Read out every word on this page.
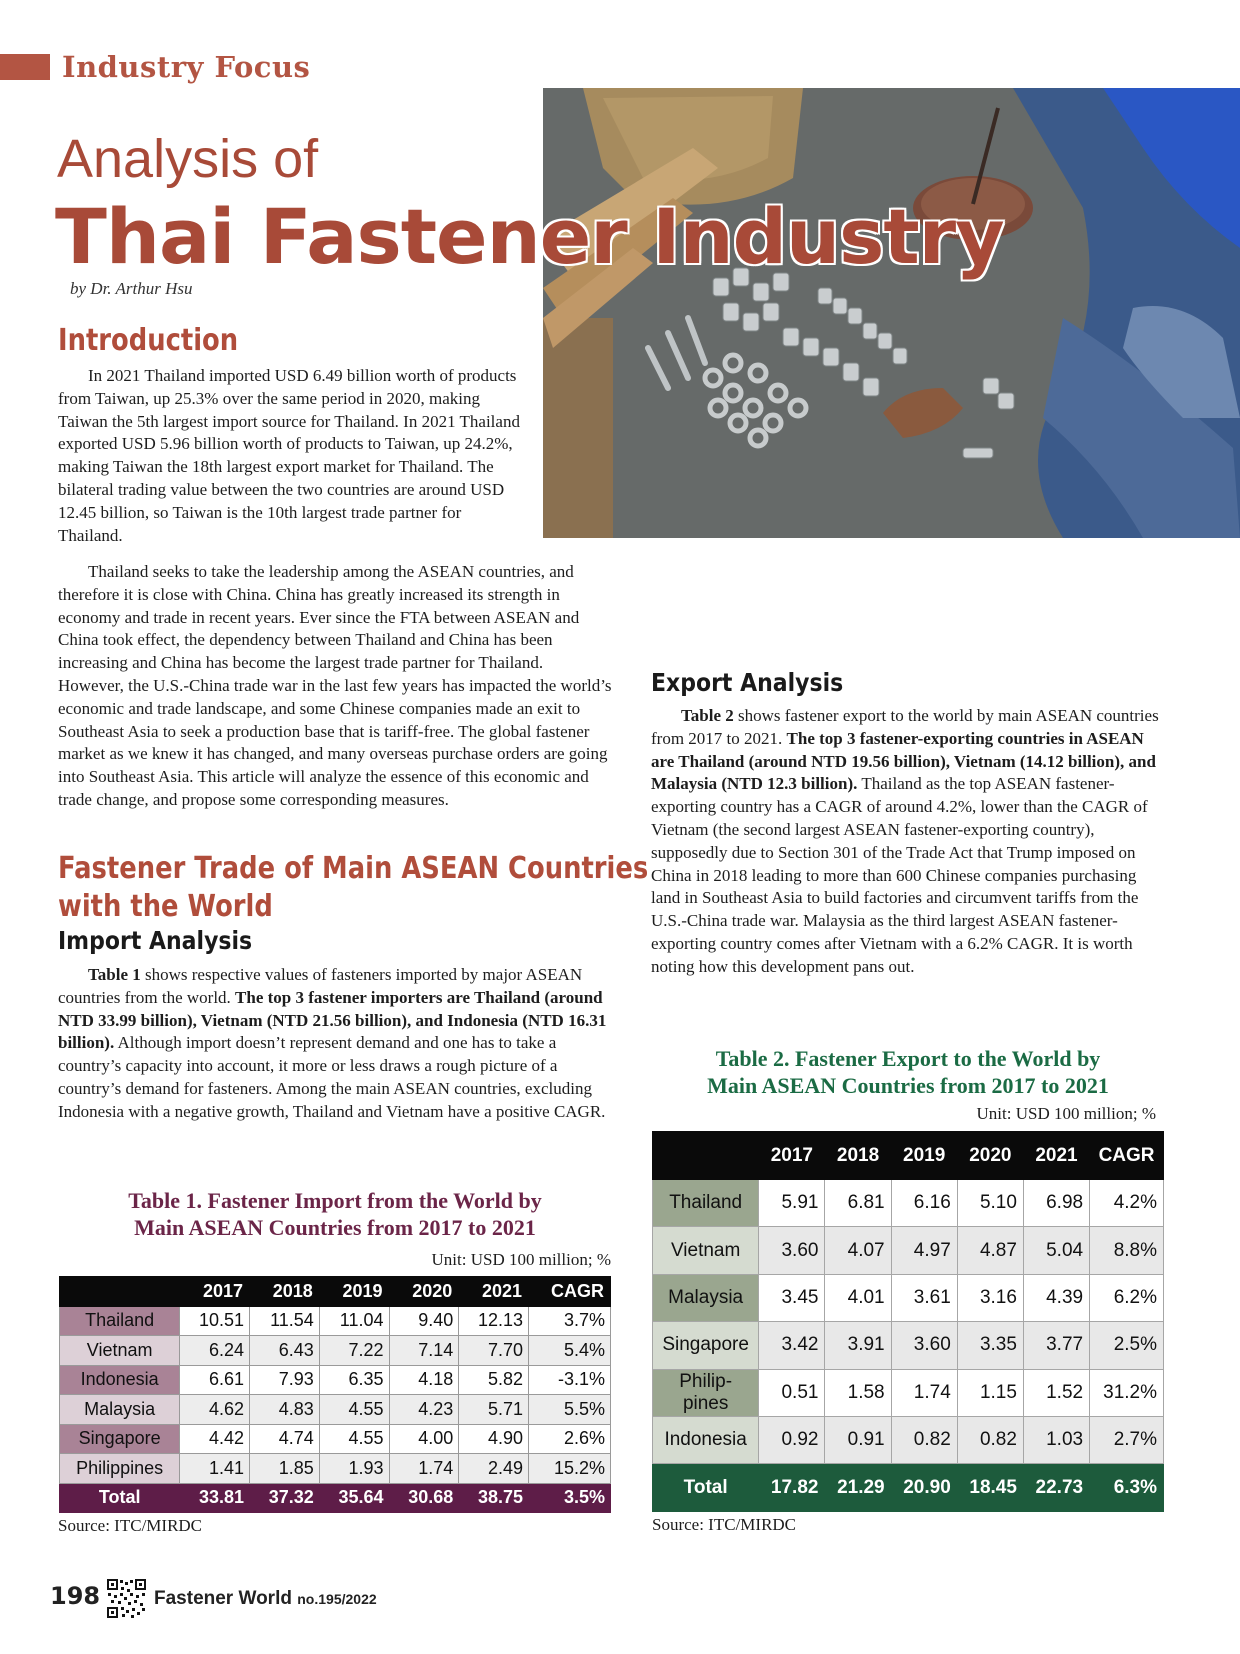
Industry Focus
Analysis of
Thai Fastener Industry
by Dr. Arthur Hsu
Introduction

In 2021 Thailand imported USD 6.49 billion worth of products from Taiwan, up 25.3% over the same period in 2020, making Taiwan the 5th largest import source for Thailand. In 2021 Thailand exported USD 5.96 billion worth of products to Taiwan, up 24.2%, making Taiwan the 18th largest export market for Thailand. The bilateral trading value between the two countries are around USD 12.45 billion, so Taiwan is the 10th largest trade partner for Thailand.

Thailand seeks to take the leadership among the ASEAN countries, and therefore it is close with China. China has greatly increased its strength in economy and trade in recent years. Ever since the FTA between ASEAN and China took effect, the dependency between Thailand and China has been increasing and China has become the largest trade partner for Thailand. However, the U.S.-China trade war in the last few years has impacted the world’s economic and trade landscape, and some Chinese companies made an exit to Southeast Asia to seek a production base that is tariff-free. The global fastener market as we knew it has changed, and many overseas purchase orders are going into Southeast Asia. This article will analyze the essence of this economic and trade change, and propose some corresponding measures.

Fastener Trade of Main ASEAN Countries
with the World
Import Analysis

Table 1 shows respective values of fasteners imported by major ASEAN countries from the world. The top 3 fastener importers are Thailand (around NTD 33.99 billion), Vietnam (NTD 21.56 billion), and Indonesia (NTD 16.31 billion). Although import doesn’t represent demand and one has to take a country’s capacity into account, it more or less draws a rough picture of a country’s demand for fasteners. Among the main ASEAN countries, excluding Indonesia with a negative growth, Thailand and Vietnam have a positive CAGR.

Export Analysis

Table 2 shows fastener export to the world by main ASEAN countries from 2017 to 2021. The top 3 fastener-exporting countries in ASEAN are Thailand (around NTD 19.56 billion), Vietnam (14.12 billion), and Malaysia (NTD 12.3 billion). Thailand as the top ASEAN fastener-exporting country has a CAGR of around 4.2%, lower than the CAGR of Vietnam (the second largest ASEAN fastener-exporting country), supposedly due to Section 301 of the Trade Act that Trump imposed on China in 2018 leading to more than 600 Chinese companies purchasing land in Southeast Asia to build factories and circumvent tariffs from the U.S.-China trade war. Malaysia as the third largest ASEAN fastener-exporting country comes after Vietnam with a 6.2% CAGR. It is worth noting how this development pans out.

Table 1. Fastener Import from the World by
Main ASEAN Countries from 2017 to 2021
Unit: USD 100 million; %
	2017	2018	2019	2020	2021	CAGR
Thailand	10.51	11.54	11.04	9.40	12.13	3.7%
Vietnam	6.24	6.43	7.22	7.14	7.70	5.4%
Indonesia	6.61	7.93	6.35	4.18	5.82	-3.1%
Malaysia	4.62	4.83	4.55	4.23	5.71	5.5%
Singapore	4.42	4.74	4.55	4.00	4.90	2.6%
Philippines	1.41	1.85	1.93	1.74	2.49	15.2%
Total	33.81	37.32	35.64	30.68	38.75	3.5%
Source: ITC/MIRDC
Table 2. Fastener Export to the World by
Main ASEAN Countries from 2017 to 2021
Unit: USD 100 million; %
	2017	2018	2019	2020	2021	CAGR
Thailand	5.91	6.81	6.16	5.10	6.98	4.2%
Vietnam	3.60	4.07	4.97	4.87	5.04	8.8%
Malaysia	3.45	4.01	3.61	3.16	4.39	6.2%
Singapore	3.42	3.91	3.60	3.35	3.77	2.5%
Philip-
pines	0.51	1.58	1.74	1.15	1.52	31.2%
Indonesia	0.92	0.91	0.82	0.82	1.03	2.7%
Total	17.82	21.29	20.90	18.45	22.73	6.3%
Source: ITC/MIRDC
198	Fastener World no.195/2022
